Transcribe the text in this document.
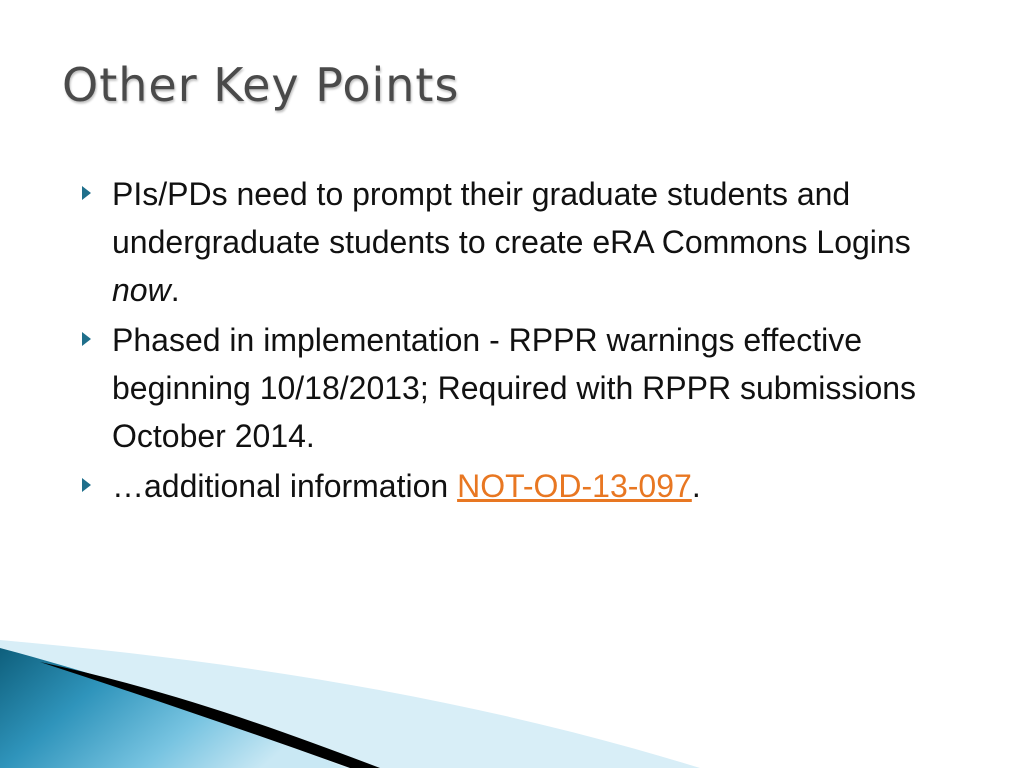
Other Key Points
PIs/PDs need to prompt their graduate students and undergraduate students to create eRA Commons Logins now.
Phased in implementation - RPPR warnings effective beginning 10/18/2013; Required with RPPR submissions October 2014.
…additional information NOT-OD-13-097.
